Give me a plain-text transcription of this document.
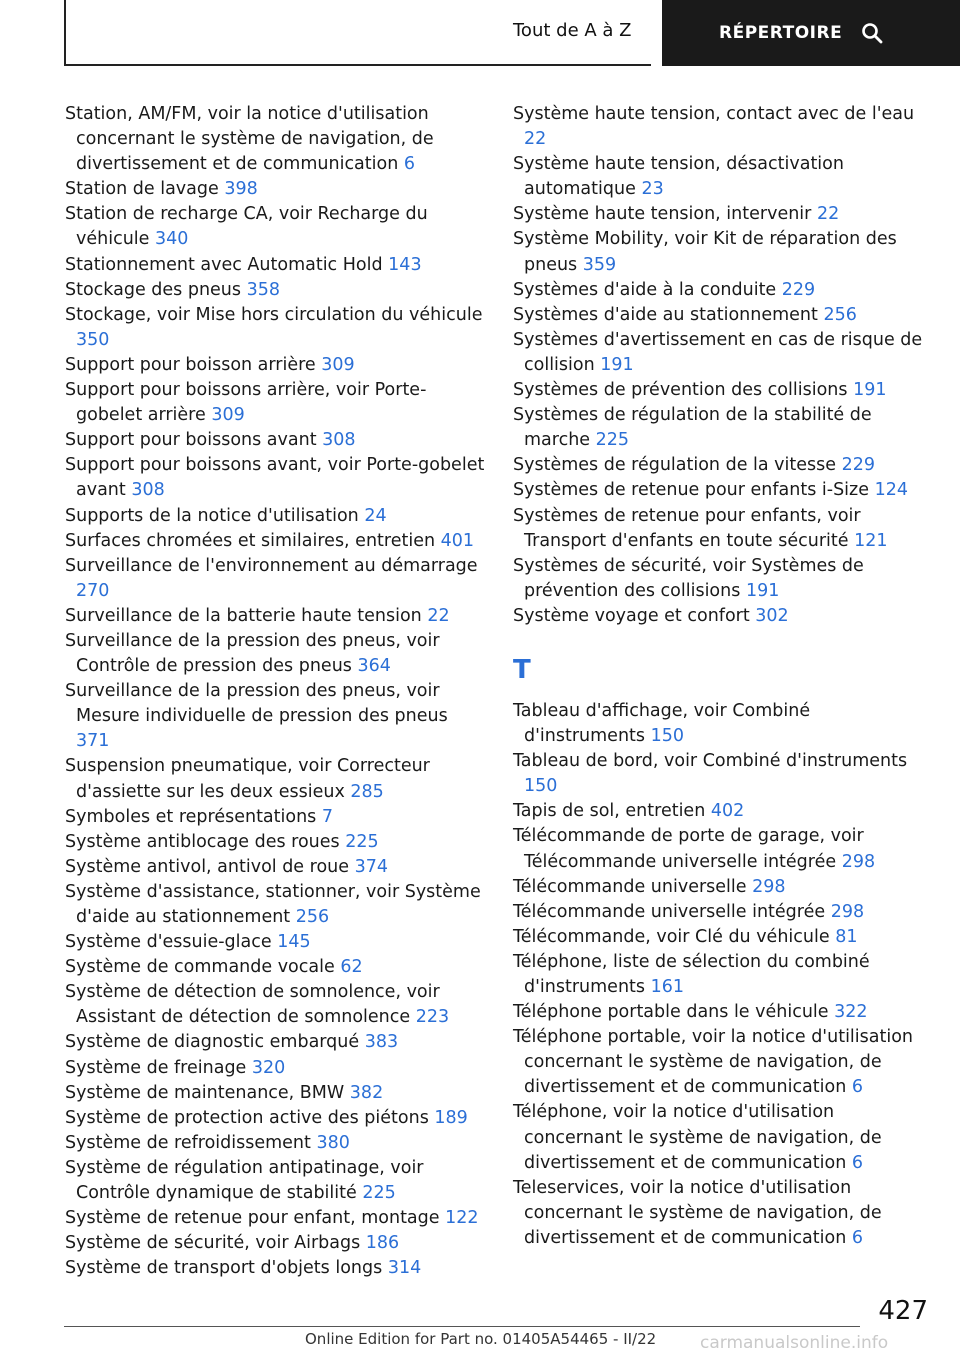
Tout de A à Z	RÉPERTOIRE
Station, AM/FM, voir la notice d'utilisation concernant le système de navigation, de divertissement et de communication 6
Station de lavage 398
Station de recharge CA, voir Recharge du véhicule 340
Stationnement avec Automatic Hold 143
Stockage des pneus 358
Stockage, voir Mise hors circulation du véhicule 350
Support pour boisson arrière 309
Support pour boissons arrière, voir Porte-gobelet arrière 309
Support pour boissons avant 308
Support pour boissons avant, voir Porte-gobelet avant 308
Supports de la notice d'utilisation 24
Surfaces chromées et similaires, entretien 401
Surveillance de l'environnement au démarrage 270
Surveillance de la batterie haute tension 22
Surveillance de la pression des pneus, voir Contrôle de pression des pneus 364
Surveillance de la pression des pneus, voir Mesure individuelle de pression des pneus 371
Suspension pneumatique, voir Correcteur d'assiette sur les deux essieux 285
Symboles et représentations 7
Système antiblocage des roues 225
Système antivol, antivol de roue 374
Système d'assistance, stationner, voir Système d'aide au stationnement 256
Système d'essuie-glace 145
Système de commande vocale 62
Système de détection de somnolence, voir Assistant de détection de somnolence 223
Système de diagnostic embarqué 383
Système de freinage 320
Système de maintenance, BMW 382
Système de protection active des piétons 189
Système de refroidissement 380
Système de régulation antipatinage, voir Contrôle dynamique de stabilité 225
Système de retenue pour enfant, montage 122
Système de sécurité, voir Airbags 186
Système de transport d'objets longs 314
Système haute tension, contact avec de l'eau 22
Système haute tension, désactivation automatique 23
Système haute tension, intervenir 22
Système Mobility, voir Kit de réparation des pneus 359
Systèmes d'aide à la conduite 229
Systèmes d'aide au stationnement 256
Systèmes d'avertissement en cas de risque de collision 191
Systèmes de prévention des collisions 191
Systèmes de régulation de la stabilité de marche 225
Systèmes de régulation de la vitesse 229
Systèmes de retenue pour enfants i-Size 124
Systèmes de retenue pour enfants, voir Transport d'enfants en toute sécurité 121
Systèmes de sécurité, voir Systèmes de prévention des collisions 191
Système voyage et confort 302
T
Tableau d'affichage, voir Combiné d'instruments 150
Tableau de bord, voir Combiné d'instruments 150
Tapis de sol, entretien 402
Télécommande de porte de garage, voir Télécommande universelle intégrée 298
Télécommande universelle 298
Télécommande universelle intégrée 298
Télécommande, voir Clé du véhicule 81
Téléphone, liste de sélection du combiné d'instruments 161
Téléphone portable dans le véhicule 322
Téléphone portable, voir la notice d'utilisation concernant le système de navigation, de divertissement et de communication 6
Téléphone, voir la notice d'utilisation concernant le système de navigation, de divertissement et de communication 6
Teleservices, voir la notice d'utilisation concernant le système de navigation, de divertissement et de communication 6
427
Online Edition for Part no. 01405A54465 - II/22	carmanualsonline.info
